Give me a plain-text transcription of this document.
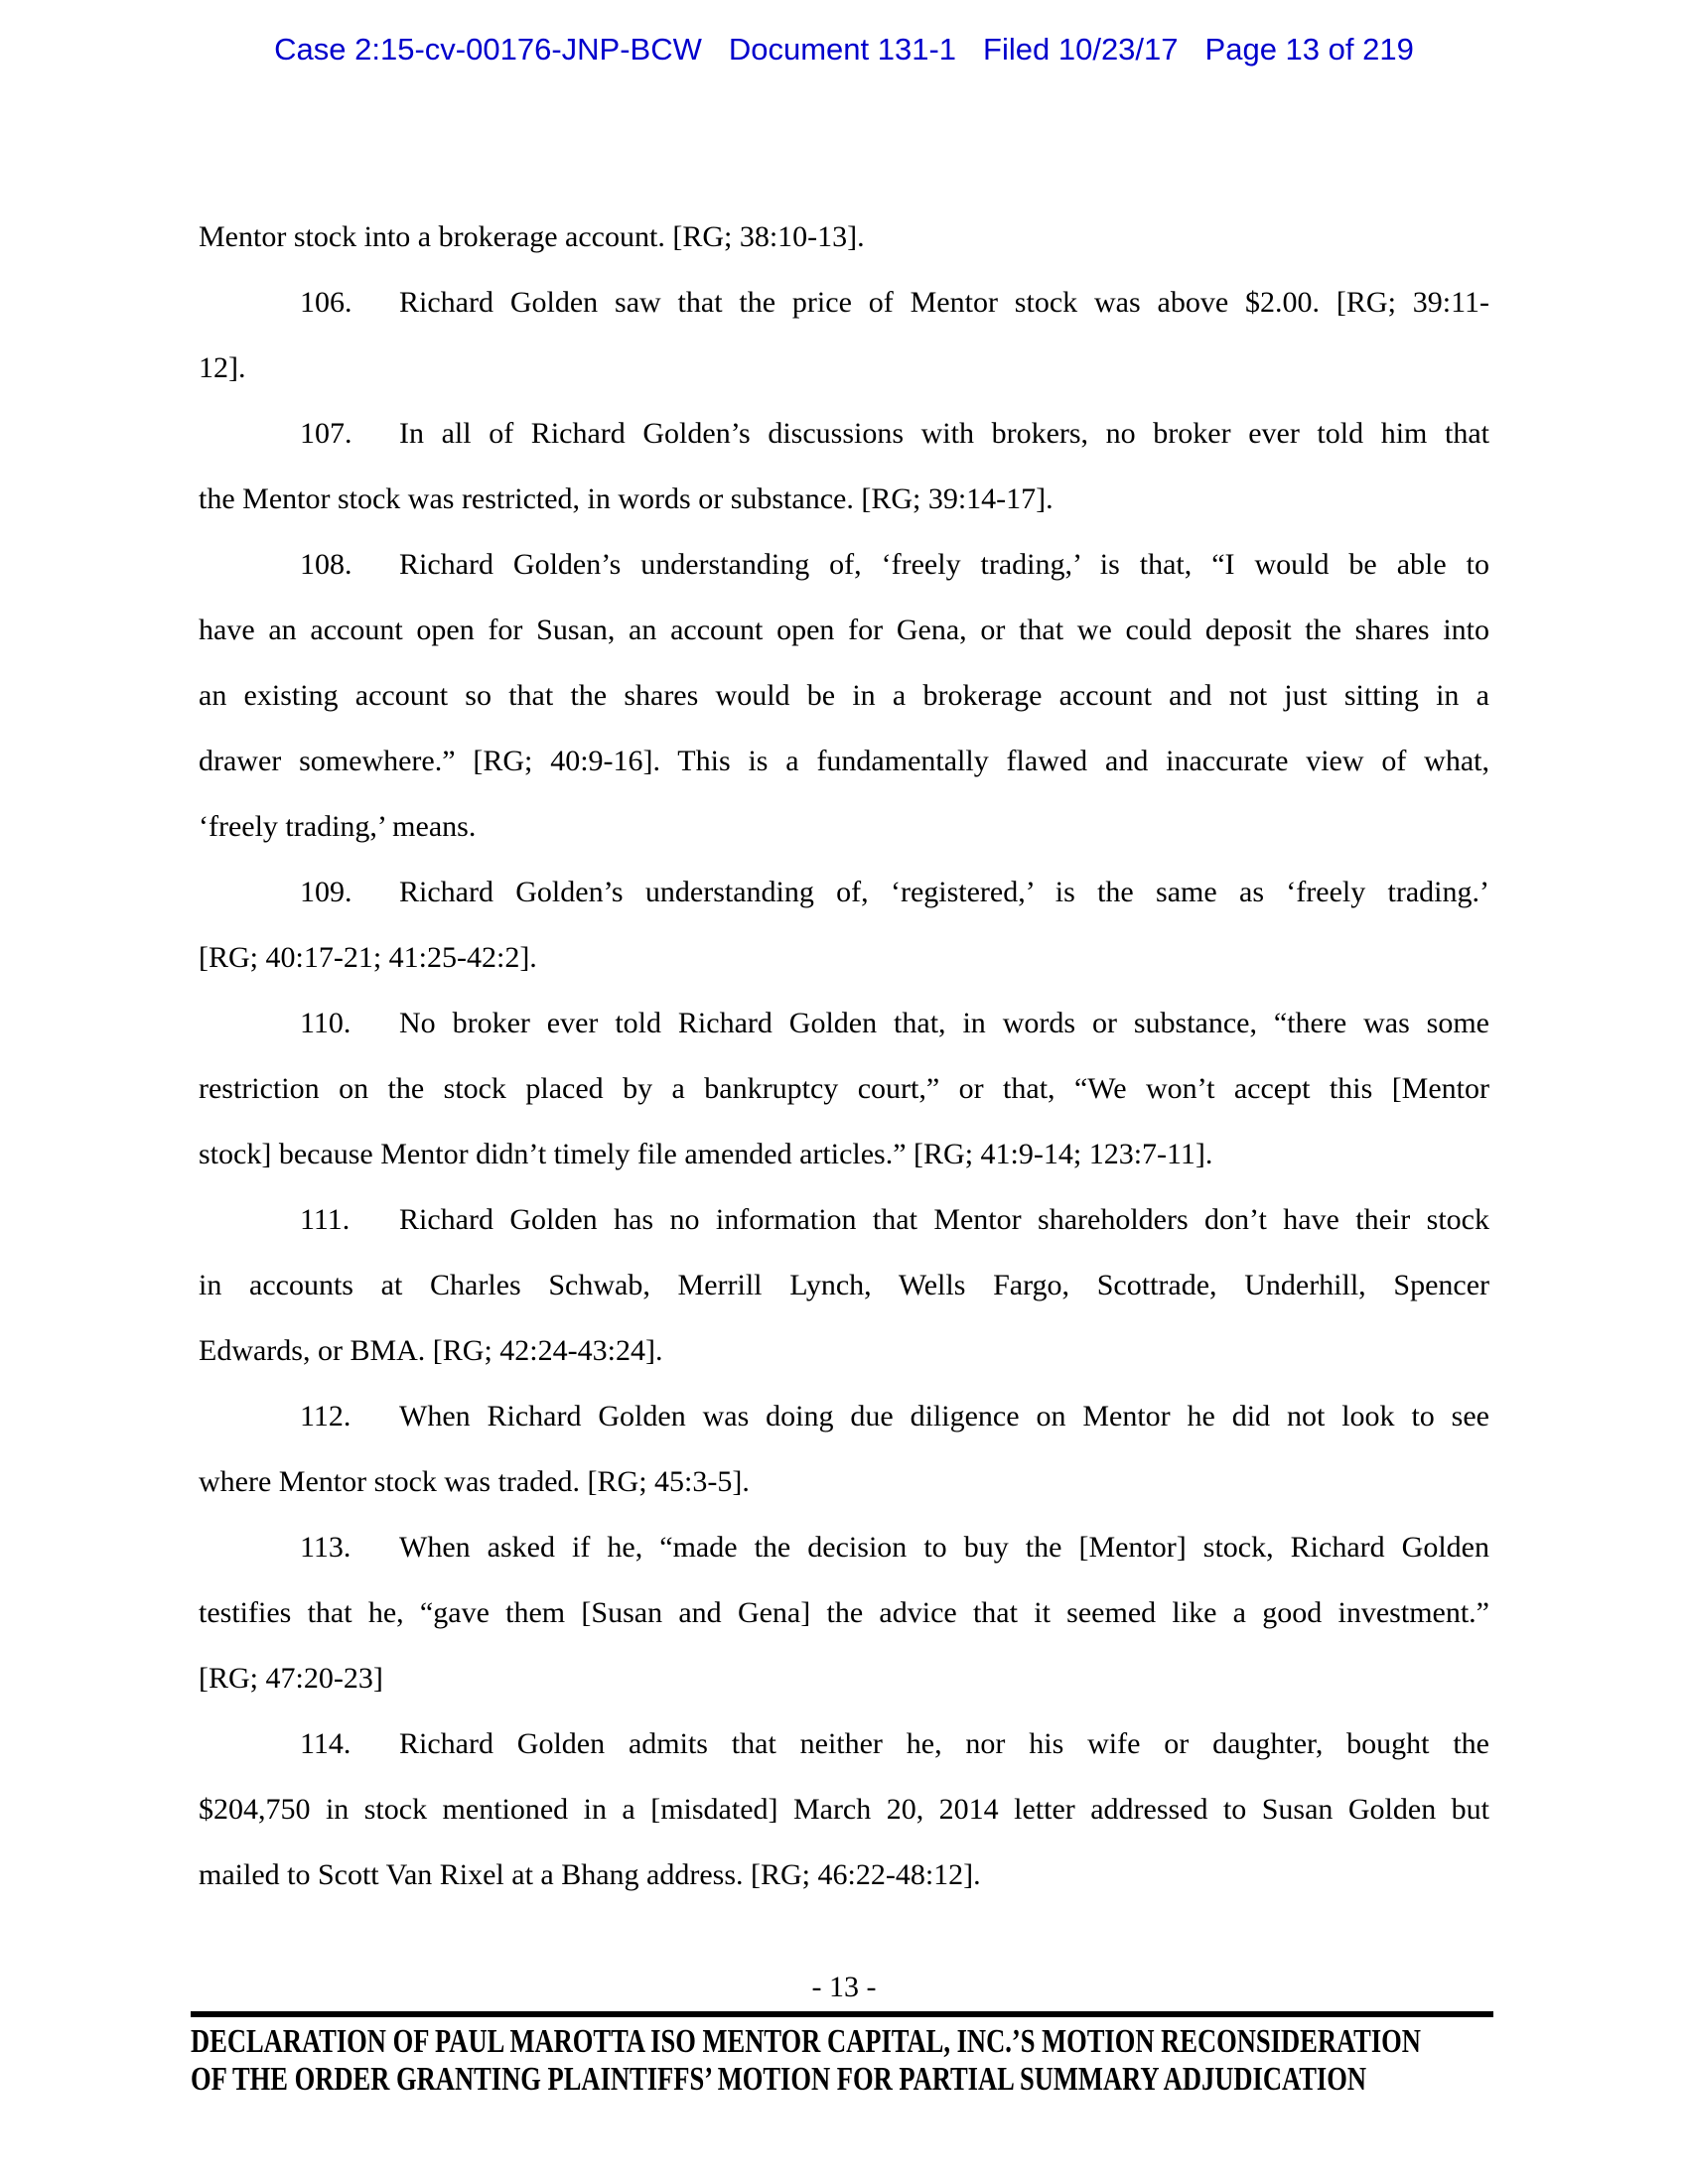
Case 2:15-cv-00176-JNP-BCW Document 131-1 Filed 10/23/17 Page 13 of 219
Mentor stock into a brokerage account. [RG; 38:10-13].
106. Richard Golden saw that the price of Mentor stock was above $2.00. [RG; 39:11-
12].
107. In all of Richard Golden’s discussions with brokers, no broker ever told him that
the Mentor stock was restricted, in words or substance. [RG; 39:14-17].
108. Richard Golden’s understanding of, ‘freely trading,’ is that, “I would be able to
have an account open for Susan, an account open for Gena, or that we could deposit the shares into
an existing account so that the shares would be in a brokerage account and not just sitting in a
drawer somewhere.” [RG; 40:9-16]. This is a fundamentally flawed and inaccurate view of what,
‘freely trading,’ means.
109. Richard Golden’s understanding of, ‘registered,’ is the same as ‘freely trading.’
[RG; 40:17-21; 41:25-42:2].
110. No broker ever told Richard Golden that, in words or substance, “there was some
restriction on the stock placed by a bankruptcy court,” or that, “We won’t accept this [Mentor
stock] because Mentor didn’t timely file amended articles.” [RG; 41:9-14; 123:7-11].
111. Richard Golden has no information that Mentor shareholders don’t have their stock
in accounts at Charles Schwab, Merrill Lynch, Wells Fargo, Scottrade, Underhill, Spencer
Edwards, or BMA. [RG; 42:24-43:24].
112. When Richard Golden was doing due diligence on Mentor he did not look to see
where Mentor stock was traded. [RG; 45:3-5].
113. When asked if he, “made the decision to buy the [Mentor] stock, Richard Golden
testifies that he, “gave them [Susan and Gena] the advice that it seemed like a good investment.”
[RG; 47:20-23]
114. Richard Golden admits that neither he, nor his wife or daughter, bought the
$204,750 in stock mentioned in a [misdated] March 20, 2014 letter addressed to Susan Golden but
mailed to Scott Van Rixel at a Bhang address. [RG; 46:22-48:12].
- 13 -
DECLARATION OF PAUL MAROTTA ISO MENTOR CAPITAL, INC.’S MOTION RECONSIDERATION
OF THE ORDER GRANTING PLAINTIFFS’ MOTION FOR PARTIAL SUMMARY ADJUDICATION
